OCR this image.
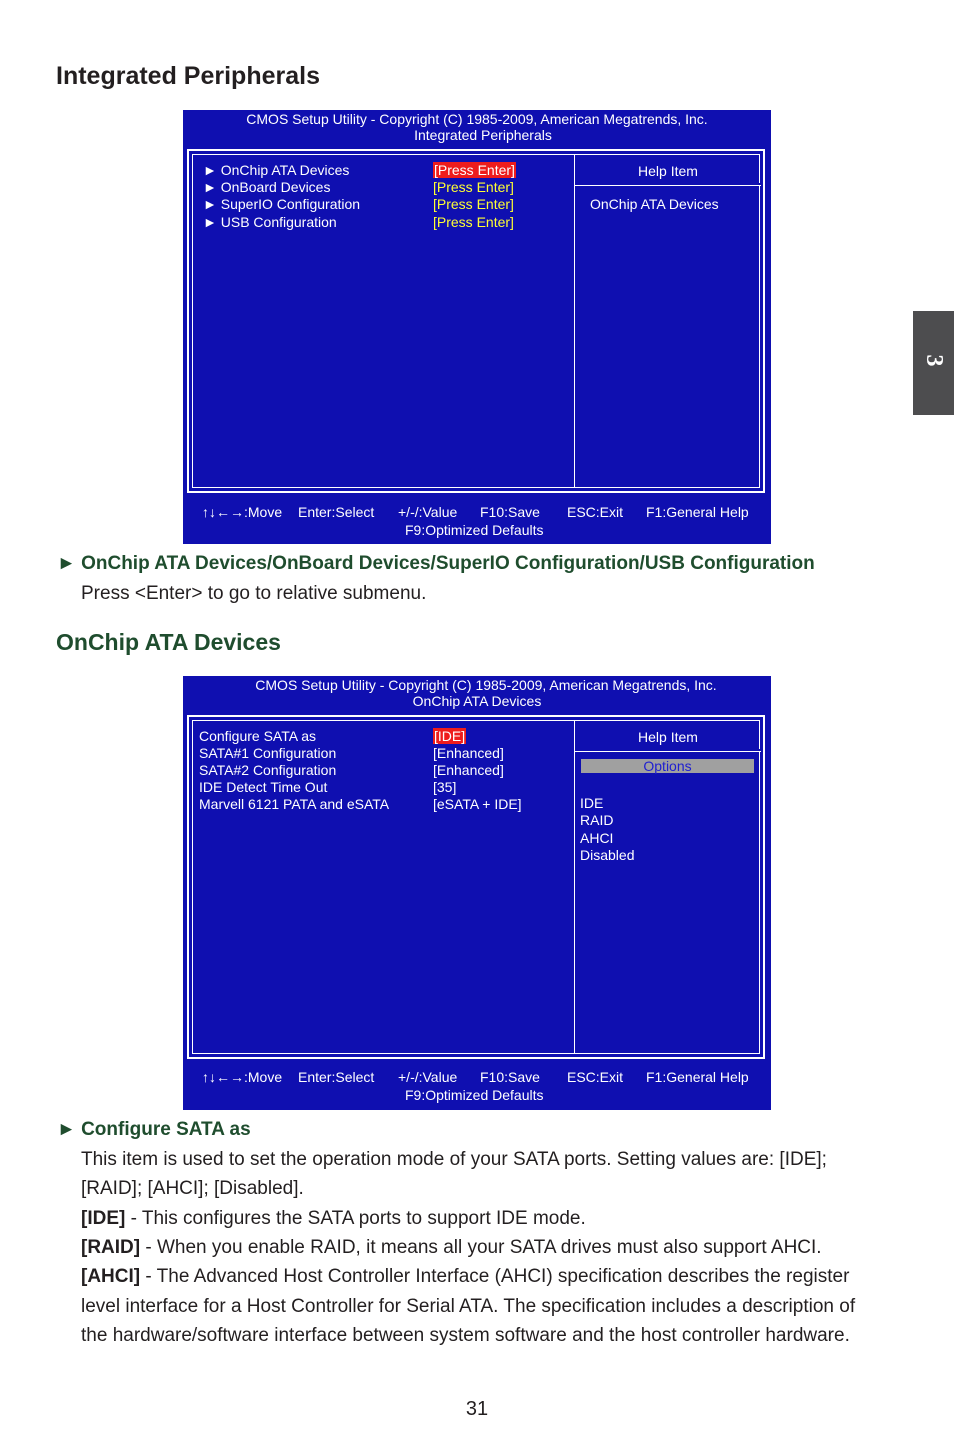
Integrated Peripherals
3
CMOS Setup Utility - Copyright (C) 1985-2009, American Megatrends, Inc.
Integrated Peripherals
► OnChip ATA Devices	[Press Enter]
► OnBoard Devices	[Press Enter]
► SuperIO Configuration	[Press Enter]
► USB Configuration	[Press Enter]
Help Item
OnChip ATA Devices
↑↓←→:Move Enter:Select +/-/:Value F10:Save ESC:Exit F1:General Help
F9:Optimized Defaults
► OnChip ATA Devices/OnBoard Devices/SuperIO Configuration/USB Configuration

Press <Enter> to go to relative submenu.

OnChip ATA Devices
CMOS Setup Utility - Copyright (C) 1985-2009, American Megatrends, Inc.
OnChip ATA Devices
Configure SATA as	[IDE]
SATA#1 Configuration	[Enhanced]
SATA#2 Configuration	[Enhanced]
IDE Detect Time Out	[35]
Marvell 6121 PATA and eSATA	[eSATA + IDE]
Help Item
Options
IDE
RAID
AHCI
Disabled
↑↓←→:Move Enter:Select +/-/:Value F10:Save ESC:Exit F1:General Help
F9:Optimized Defaults
► Configure SATA as

This item is used to set the operation mode of your SATA ports. Setting values are: [IDE];

[RAID]; [AHCI]; [Disabled].

[IDE] - This configures the SATA ports to support IDE mode.

[RAID] - When you enable RAID, it means all your SATA drives must also support AHCI.

[AHCI] - The Advanced Host Controller Interface (AHCI) specification describes the register

level interface for a Host Controller for Serial ATA. The specification includes a description of

the hardware/software interface between system software and the host controller hardware.

31
